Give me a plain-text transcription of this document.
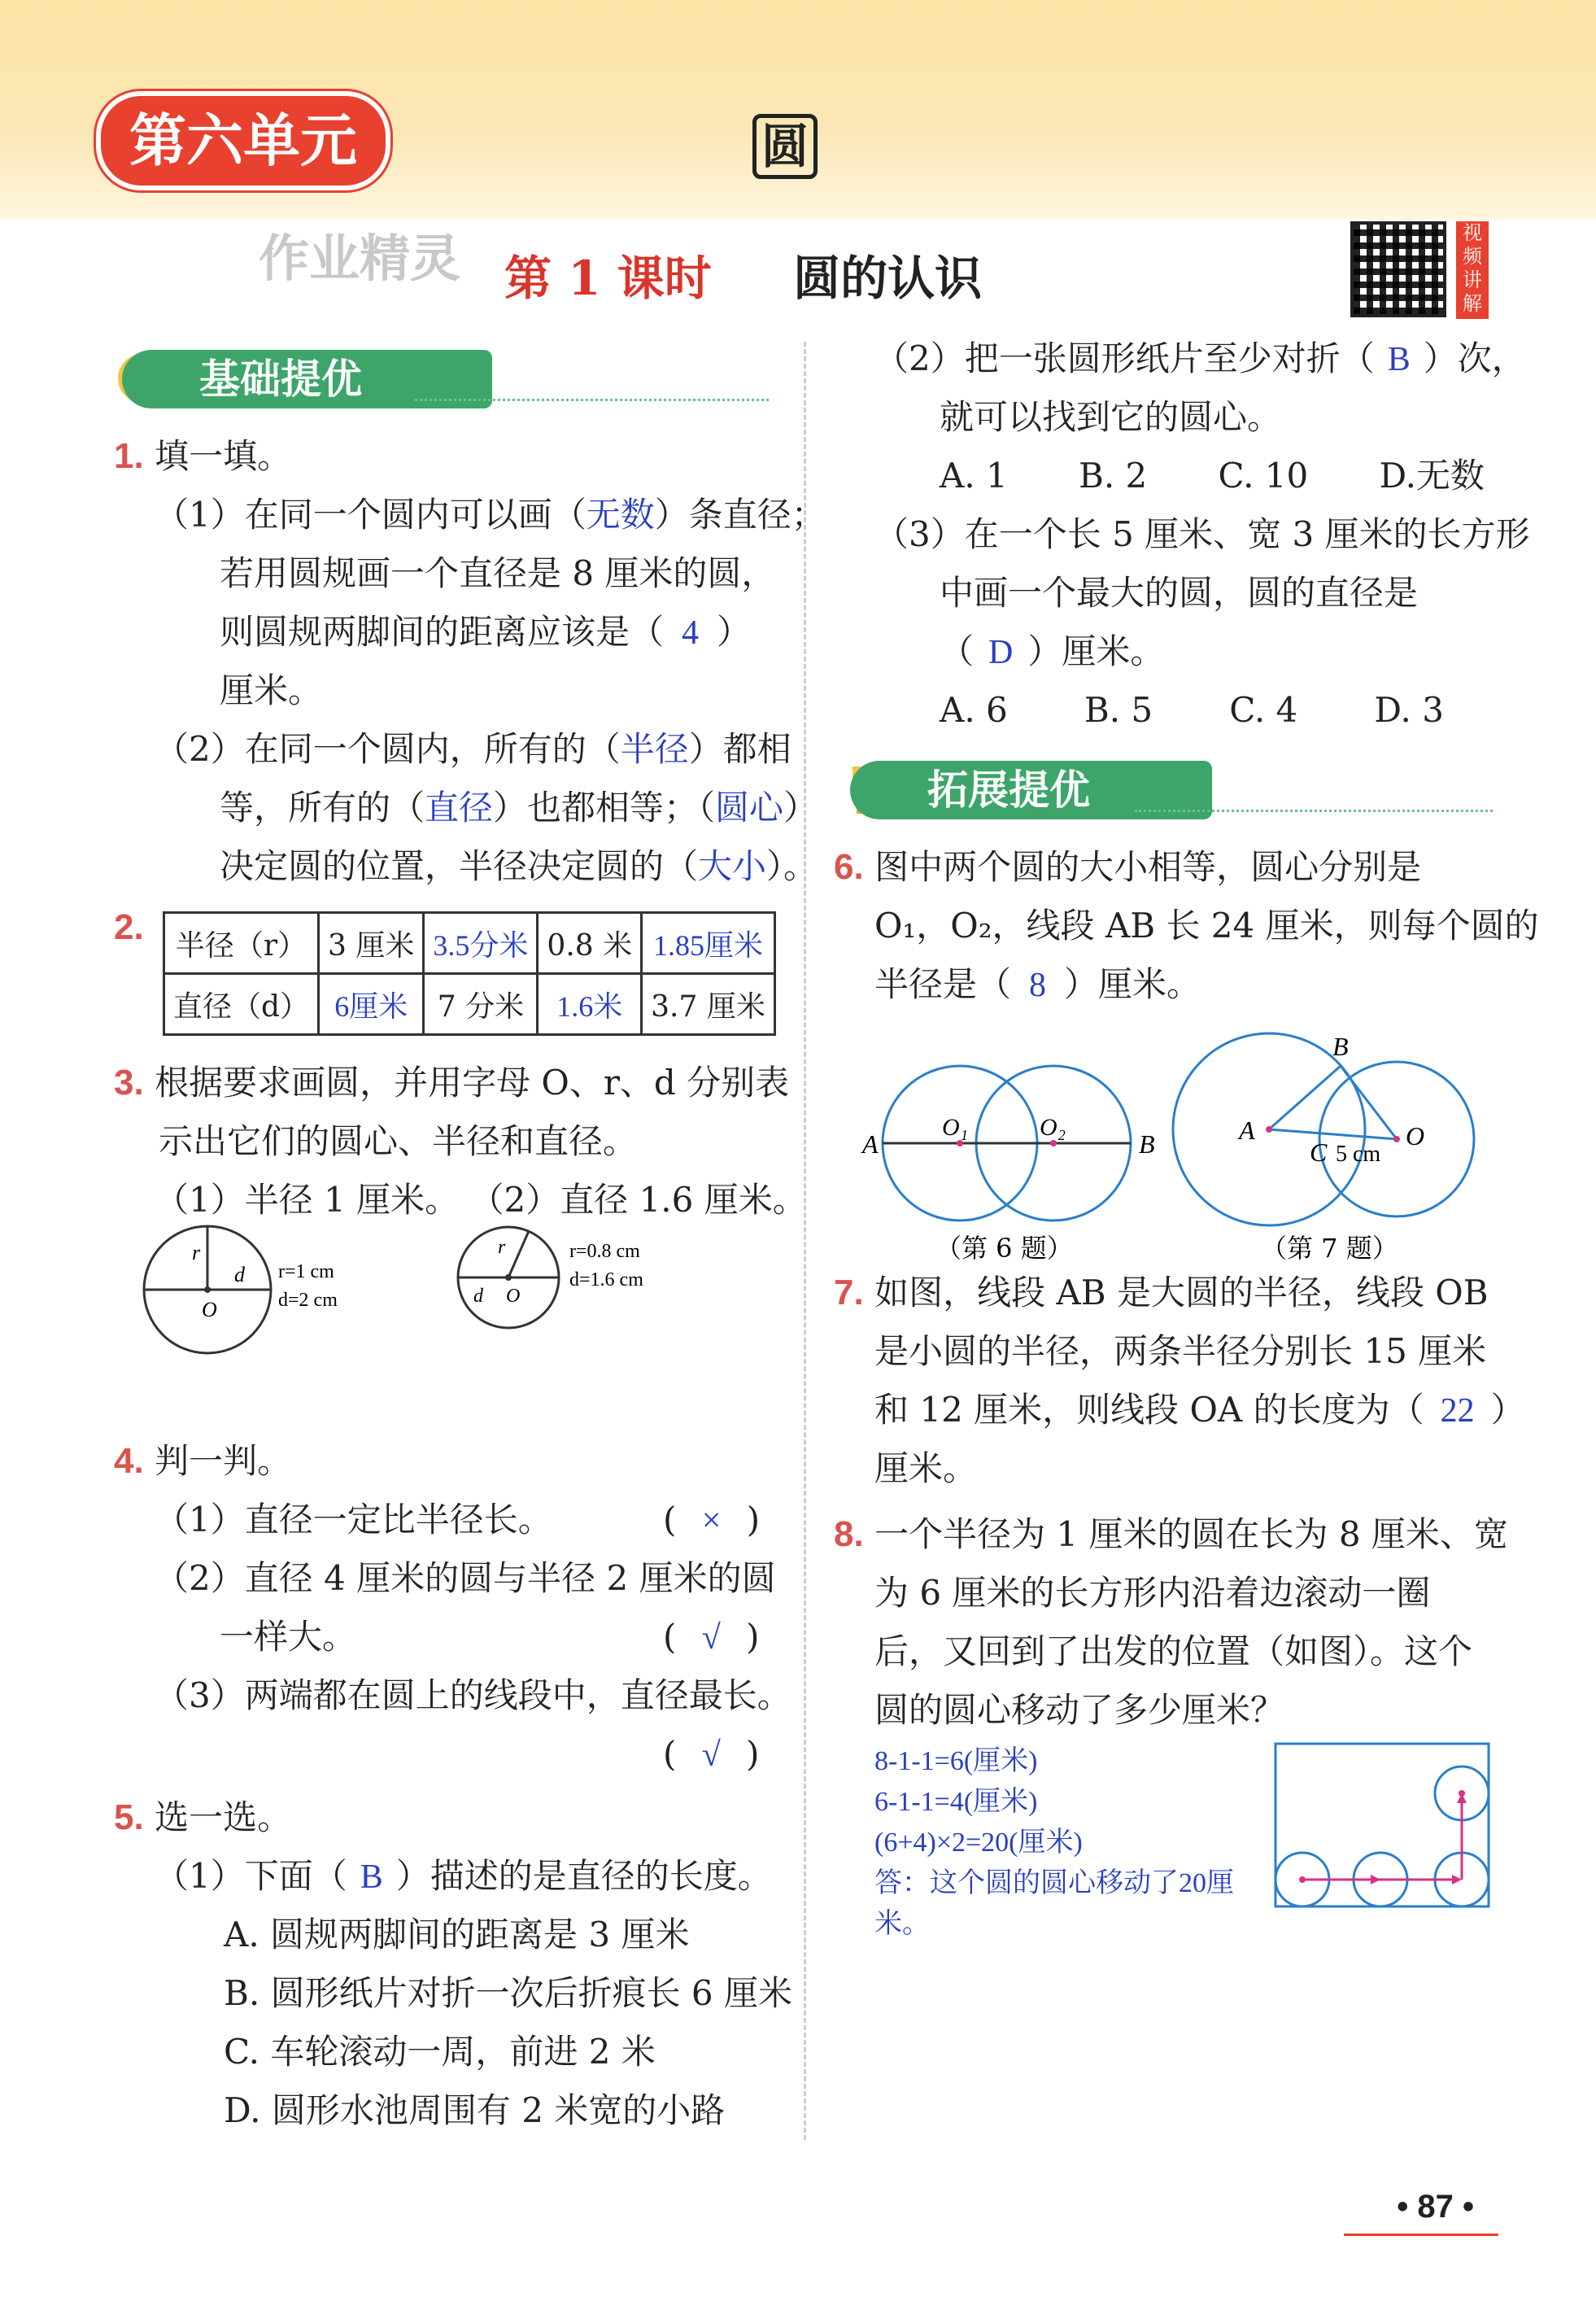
第六单元	圆
作业精灵 第 1 课时 圆的认识
视频讲解
基础提优
1. 填一填。
（1）在同一个圆内可以画（无数）条直径；
若用圆规画一个直径是 8 厘米的圆，
则圆规两脚间的距离应该是（ 4 ）
厘米。
（2）在同一个圆内，所有的（半径）都相
等，所有的（直径）也都相等；（圆心）
决定圆的位置，半径决定圆的（大小）。
2. 半径（r）	3 厘米	3.5分米	0.8 米	1.85厘米
直径（d）	6厘米	7 分米	1.6米	3.7 厘米
3. 根据要求画圆，并用字母 O、r、d 分别表
示出它们的圆心、半径和直径。
（1）半径 1 厘米。 （2）直径 1.6 厘米。
r
d
O
r=1 cm
d=2 cm
r
d O
r=0.8 cm
d=1.6 cm
4. 判一判。
（1）直径一定比半径长。	( × )
（2）直径 4 厘米的圆与半径 2 厘米的圆
一样大。	( √ )
（3）两端都在圆上的线段中，直径最长。
( √ )
5. 选一选。
（1）下面（ B ）描述的是直径的长度。
A. 圆规两脚间的距离是 3 厘米
B. 圆形纸片对折一次后折痕长 6 厘米
C. 车轮滚动一周，前进 2 米
D. 圆形水池周围有 2 米宽的小路
（2）把一张圆形纸片至少对折（ B ）次，
就可以找到它的圆心。
A. 1 B. 2 C. 10 D.无数
（3）在一个长 5 厘米、宽 3 厘米的长方形
中画一个最大的圆，圆的直径是
（ D ）厘米。
A. 6 B. 5 C. 4 D. 3
拓展提优
6. 图中两个圆的大小相等，圆心分别是
O₁，O₂，线段 AB 长 24 厘米，则每个圆的
半径是（ 8 ）厘米。
A	B
O₁	O₂
（第 6 题）
A
B
C
O
5 cm
（第 7 题）
7. 如图，线段 AB 是大圆的半径，线段 OB
是小圆的半径，两条半径分别长 15 厘米
和 12 厘米，则线段 OA 的长度为（ 22 ）
厘米。
8. 一个半径为 1 厘米的圆在长为 8 厘米、宽
为 6 厘米的长方形内沿着边滚动一圈
后，又回到了出发的位置（如图）。这个
圆的圆心移动了多少厘米？
8-1-1=6(厘米)
6-1-1=4(厘米)
(6+4)×2=20(厘米)
答：这个圆的圆心移动了20厘
米。
• 87 •
